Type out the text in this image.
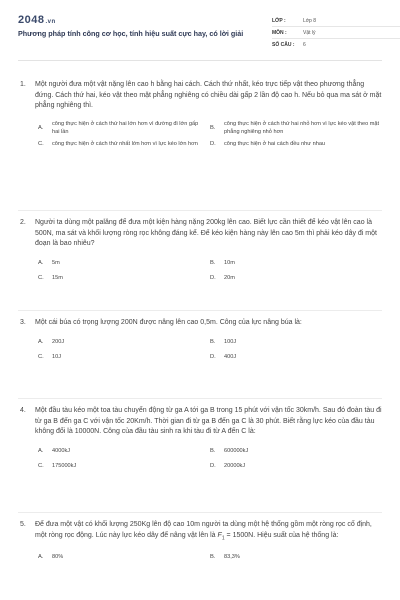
2048.vn
Phương pháp tính công cơ học, tính hiệu suất cực hay, có lời giải
LỚP :	Lớp 8
MÔN :	Vật lý
SỐ CÂU :	6
1.	Một người đưa một vật nặng lên cao h bằng hai cách. Cách thứ nhất, kéo trực tiếp vật theo phương thẳng đứng. Cách thứ hai, kéo vật theo mặt phẳng nghiêng có chiều dài gấp 2 lần độ cao h. Nếu bỏ qua ma sát ở mặt phẳng nghiêng thì.
A.
công thực hiện ở cách thứ hai lớn hơn vì đường đi lớn gấp hai lần
B.
công thực hiện ở cách thứ hai nhỏ hơn vì lực kéo vật theo mặt phẳng nghiêng nhỏ hơn
C.	công thực hiện ở cách thứ nhất lớn hơn vì lực kéo lớn hơn	D.	công thực hiện ở hai cách đều như nhau
2.	Người ta dùng một palăng để đưa một kiện hàng nặng 200kg lên cao. Biết lực cần thiết để kéo vật lên cao là 500N, ma sát và khối lượng ròng rọc không đáng kể. Để kéo kiện hàng này lên cao 5m thì phải kéo dây đi một đoạn là bao nhiêu?
A.	5m	B.	10m
C.	15m	D.	20m
3.	Một cái búa có trọng lượng 200N được nâng lên cao 0,5m. Công của lực nâng búa là:
A.	200J	B.	100J
C.	10J	D.	400J
4.	Một đầu tàu kéo một toa tàu chuyển động từ ga A tới ga B trong 15 phút với vận tốc 30km/h. Sau đó đoàn tàu đi từ ga B đến ga C với vận tốc 20Km/h. Thời gian đi từ ga B đến ga C là 30 phút. Biết rằng lực kéo của đầu tàu không đổi là 10000N. Công của đầu tàu sinh ra khi tàu đi từ A đến C là:
A.	4000kJ	B.	600000kJ
C.	175000kJ	D.	20000kJ
5.	Để đưa một vật có khối lượng 250Kg lên độ cao 10m người ta dùng một hệ thống gồm một ròng rọc cố định, một ròng rọc động. Lúc này lực kéo dây để nâng vật lên là $F_1 = 1500N$. Hiệu suất của hệ thống là:
A.	80%	B.	83,3%
